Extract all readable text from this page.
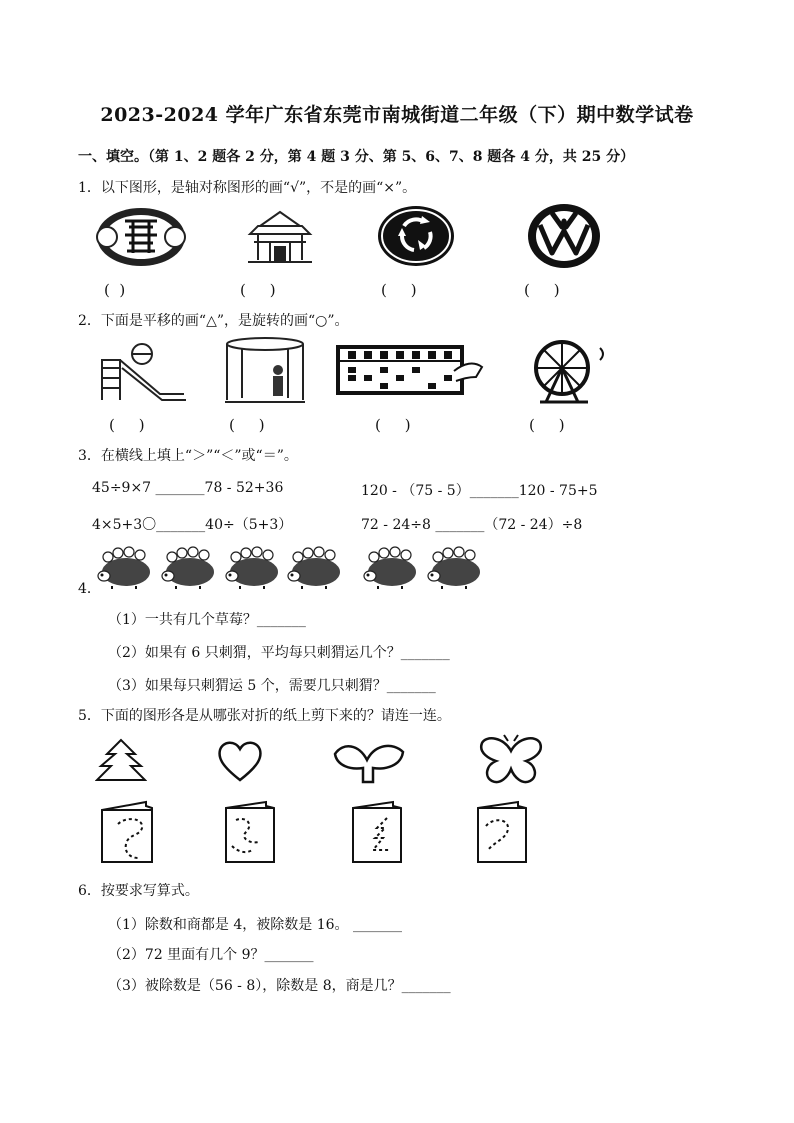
2023-2024 学年广东省东莞市南城街道二年级（下）期中数学试卷
一、填空。（第 1、2 题各 2 分，第 4 题 3 分、第 5、6、7、8 题各 4 分，共 25 分）
1．以下图形，是轴对称图形的画“√”，不是的画“×”。
(  )	(     )	(     )	(     )
2．下面是平移的画“△”，是旋转的画“○”。
(     )	(     )	(     )	(     )
3．在横线上填上“＞”“＜”或“＝”。
45÷9×7 _______78 - 52+36	120 - （75 - 5）_______120 - 75+5
4×5+3〇_______40÷（5+3）	72 - 24÷8 _______（72 - 24）÷8
4．
（1）一共有几个草莓？_______
（2）如果有 6 只刺猬，平均每只刺猬运几个？_______
（3）如果每只刺猬运 5 个，需要几只刺猬？_______
5．下面的图形各是从哪张对折的纸上剪下来的？请连一连。
6．按要求写算式。
（1）除数和商都是 4，被除数是 16。 _______
（2）72 里面有几个 9？_______
（3）被除数是（56 - 8），除数是 8，商是几？_______
